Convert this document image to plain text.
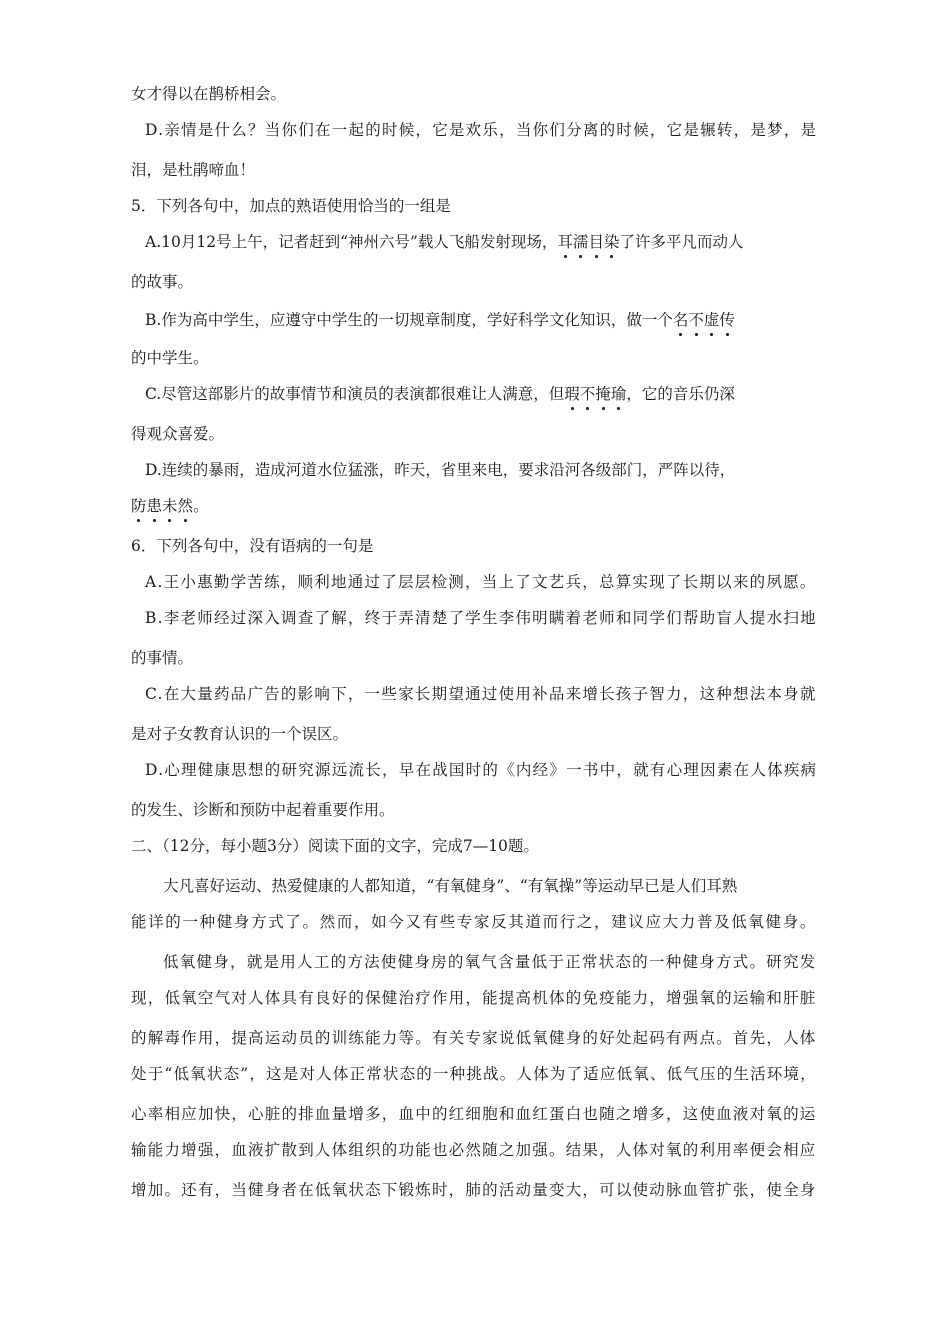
女才得以在鹊桥相会。
D.亲情是什么？当你们在一起的时候，它是欢乐，当你们分离的时候，它是辗转，是梦，是
泪，是杜鹃啼血！
5．下列各句中，加点的熟语使用恰当的一组是
A.10月12号上午，记者赶到“神州六号”载人飞船发射现场，耳濡目染了许多平凡而动人
的故事。
B.作为高中学生，应遵守中学生的一切规章制度，学好科学文化知识，做一个名不虚传
的中学生。
C.尽管这部影片的故事情节和演员的表演都很难让人满意，但瑕不掩瑜，它的音乐仍深
得观众喜爱。
D.连续的暴雨，造成河道水位猛涨，昨天，省里来电，要求沿河各级部门，严阵以待，
防患未然。
6．下列各句中，没有语病的一句是
A.王小惠勤学苦练，顺利地通过了层层检测，当上了文艺兵，总算实现了长期以来的夙愿。
B.李老师经过深入调查了解，终于弄清楚了学生李伟明瞒着老师和同学们帮助盲人提水扫地
的事情。
C.在大量药品广告的影响下，一些家长期望通过使用补品来增长孩子智力，这种想法本身就
是对子女教育认识的一个误区。
D.心理健康思想的研究源远流长，早在战国时的《内经》一书中，就有心理因素在人体疾病
的发生、诊断和预防中起着重要作用。
二、（12分，每小题3分）阅读下面的文字，完成7—10题。
大凡喜好运动、热爱健康的人都知道，“有氧健身”、“有氧操”等运动早已是人们耳熟
能详的一种健身方式了。然而，如今又有些专家反其道而行之，建议应大力普及低氧健身。
低氧健身，就是用人工的方法使健身房的氧气含量低于正常状态的一种健身方式。研究发
现，低氧空气对人体具有良好的保健治疗作用，能提高机体的免疫能力，增强氧的运输和肝脏
的解毒作用，提高运动员的训练能力等。有关专家说低氧健身的好处起码有两点。首先，人体
处于“低氧状态”，这是对人体正常状态的一种挑战。人体为了适应低氧、低气压的生活环境，
心率相应加快，心脏的排血量增多，血中的红细胞和血红蛋白也随之增多，这使血液对氧的运
输能力增强，血液扩散到人体组织的功能也必然随之加强。结果，人体对氧的利用率便会相应
增加。还有，当健身者在低氧状态下锻炼时，肺的活动量变大，可以使动脉血管扩张，使全身
